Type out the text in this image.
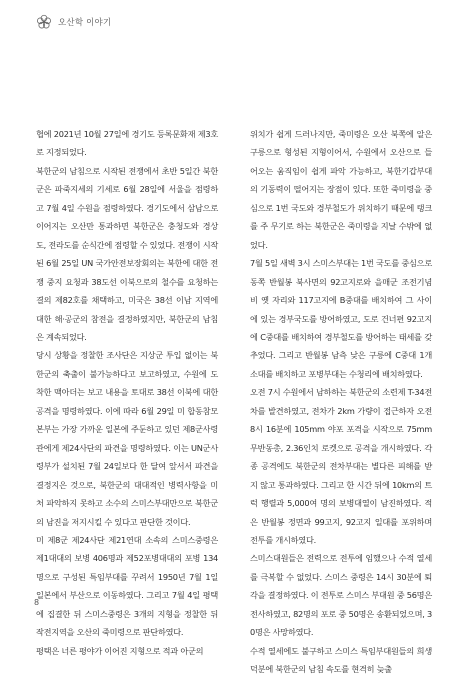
오산학 이야기

협에 2021년 10월 27일에 경기도 등록문화재 제3호로 지정되었다.

북한군의 남침으로 시작된 전쟁에서 초반 5일간 북한군은 파죽지세의 기세로 6월 28일에 서울을 점령하고 7월 4일 수원을 점령하였다. 경기도에서 삼남으로 이어지는 오산만 통과하면 북한군은 충청도와 경상도, 전라도를 순식간에 점령할 수 있었다. 전쟁이 시작된 6월 25일 UN 국가안전보장회의는 북한에 대한 전쟁 중지 요청과 38도선 이북으로의 철수를 요청하는 결의 제82호를 채택하고, 미국은 38선 이남 지역에 대한 해·공군의 참전을 결정하였지만, 북한군의 남침은 계속되었다.

당시 상황을 정찰한 조사단은 지상군 투입 없이는 북한군의 축출이 불가능하다고 보고하였고, 수원에 도착한 맥아더는 보고 내용을 토대로 38선 이북에 대한 공격을 명령하였다. 이에 따라 6월 29일 미 합동참모본부는 가장 가까운 일본에 주둔하고 있던 제8군사령관에게 제24사단의 파견을 명령하였다. 이는 UN군사령부가 설치된 7월 24일보다 한 달여 앞서서 파견을 결정지은 것으로, 북한군의 대대적인 병력사항을 미처 파악하지 못하고 소수의 스미스부대만으로 북한군의 남진을 저지시킬 수 있다고 판단한 것이다.

미 제8군 제24사단 제21연대 소속의 스미스중령은 제1대대의 보병 406명과 제52포병대대의 포병 134명으로 구성된 특임부대를 꾸려서 1950년 7월 1일 일본에서 부산으로 이동하였다. 그리고 7월 4일 평택에 집결한 뒤 스미스중령은 3개의 지형을 정찰한 뒤 작전지역을 오산의 죽미령으로 판단하였다.

평택은 너른 평야가 이어진 지형으로 적과 아군의

위치가 쉽게 드러나지만, 죽미령은 오산 북쪽에 알은 구릉으로 형성된 지형이어서, 수원에서 오산으로 들어오는 움직임이 쉽게 파악 가능하고, 북한기갑부대의 기동력이 떨어지는 장점이 있다. 또한 죽미령을 중심으로 1번 국도와 경부철도가 위치하기 때문에 탱크를 주 무기로 하는 북한군은 죽미령을 지날 수밖에 없었다.

7월 5일 새벽 3시 스미스부대는 1번 국도를 중심으로 동쪽 반월봉 북사면의 92고지로와 을매군 조전기념비 옛 자리와 117고지에 B중대를 배치하여 그 사이에 있는 경부국도를 방어하였고, 도로 건너편 92고지에 C중대를 배치하여 경부철도를 방어하는 태세를 갖추었다. 그리고 반월봉 남측 낮은 구릉에 C중대 1개 소대를 배치하고 포병부대는 수청리에 배치하였다.

오전 7시 수원에서 남하하는 북한군의 소련제 T-34전차를 발견하였고, 전차가 2km 가량이 접근하자 오전 8시 16분에 105mm 야포 포격을 시작으로 75mm 무반동총, 2.36인치 로켓으로 공격을 개시하였다. 각종 공격에도 북한군의 전차부대는 별다른 피해를 받지 않고 통과하였다. 그리고 한 시간 뒤에 10km의 트럭 행렬과 5,000여 명의 보병대열이 남진하였다. 적은 반월봉 정면과 99고지, 92고지 일대를 포위하며 전투를 개시하였다.

스미스대원들은 전력으로 전투에 임했으나 수적 열세를 극복할 수 없었다. 스미스 중령은 14시 30분에 퇴각을 결정하였다. 이 전투로 스미스 부대원 중 56명은 전사하였고, 82명의 포로 중 50명은 송환되었으며, 30명은 사망하였다.

수적 열세에도 불구하고 스미스 특임부대원들의 희생 덕분에 북한군의 남침 속도를 현격히 늦출

8
